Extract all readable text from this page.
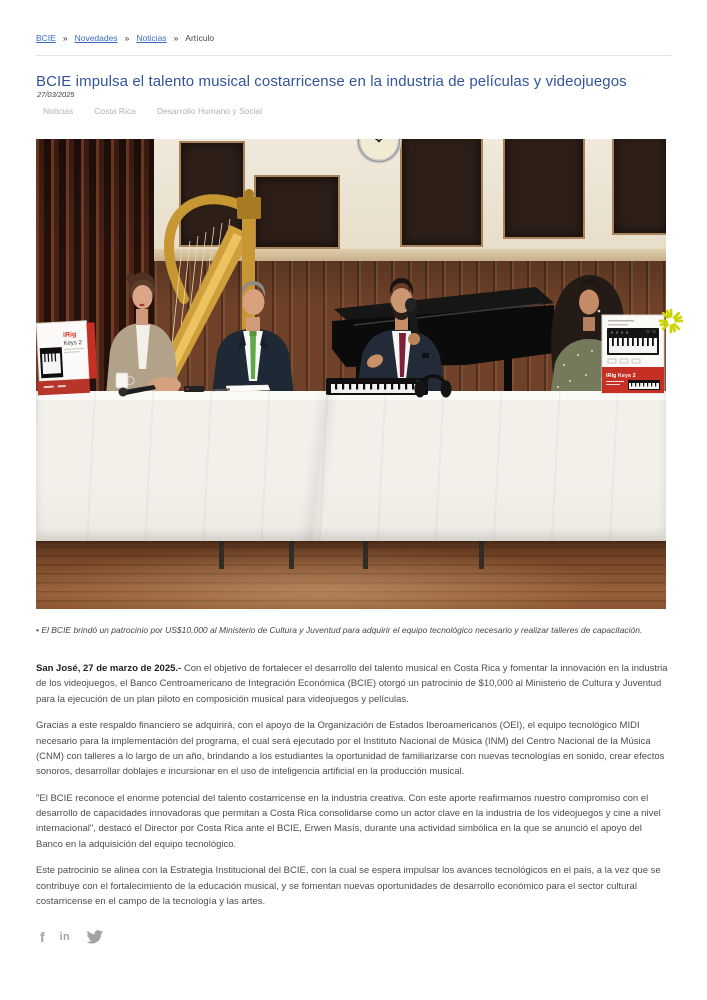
BCIE » Novedades » Noticias » Artículo
BCIE impulsa el talento musical costarricense en la industria de películas y videojuegos
27/03/2025
Noticias Costa Rica Desarrollo Humano y Social
iRig
Keys 2
iRig Keys 2
• El BCIE brindó un patrocinio por US$10,000 al Ministerio de Cultura y Juventud para adquirir el equipo tecnológico necesario y realizar talleres de capacitación.

San José, 27 de marzo de 2025.- Con el objetivo de fortalecer el desarrollo del talento musical en Costa Rica y fomentar la innovación en la industria de los videojuegos, el Banco Centroamericano de Integración Económica (BCIE) otorgó un patrocinio de $10,000 al Ministerio de Cultura y Juventud para la ejecución de un plan piloto en composición musical para videojuegos y películas.

Gracias a este respaldo financiero se adquirirá, con el apoyo de la Organización de Estados Iberoamericanos (OEI), el equipo tecnológico MIDI necesario para la implementación del programa, el cual será ejecutado por el Instituto Nacional de Música (INM) del Centro Nacional de la Música (CNM) con talleres a lo largo de un año, brindando a los estudiantes la oportunidad de familiarizarse con nuevas tecnologías en sonido, crear efectos sonoros, desarrollar doblajes e incursionar en el uso de inteligencia artificial en la producción musical.

"El BCIE reconoce el enorme potencial del talento costarricense en la industria creativa. Con este aporte reafirmamos nuestro compromiso con el desarrollo de capacidades innovadoras que permitan a Costa Rica consolidarse como un actor clave en la industria de los videojuegos y cine a nivel internacional", destacó el Director por Costa Rica ante el BCIE, Erwen Masís, durante una actividad simbólica en la que se anunció el apoyo del Banco en la adquisición del equipo tecnológico.

Este patrocinio se alinea con la Estrategia Institucional del BCIE, con la cual se espera impulsar los avances tecnológicos en el país, a la vez que se contribuye con el fortalecimiento de la educación musical, y se fomentan nuevas oportunidades de desarrollo económico para el sector cultural costarricense en el campo de la tecnología y las artes.

f in
